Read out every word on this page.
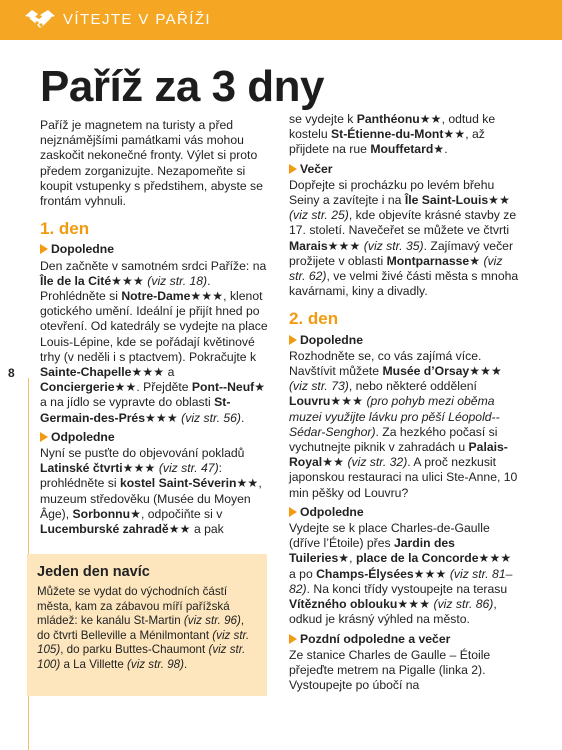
VÍTEJTE V PAŘÍŽI
Paříž za 3 dny
8

Paříž je magnetem na turisty a před nejznámějšími památkami vás mohou zaskočit nekonečné fronty. Výlet si proto předem zorganizujte. Nezapomeňte si koupit vstupenky s předstihem, abyste se frontám vyhnuli.

1. den
Dopoledne

Den začněte v samotném srdci Paříže: na Île de la Cité★★★ (viz str. 18). Prohlédněte si Notre-Dame★★★, klenot gotického umění. Ideální je přijít hned po otevření. Od katedrály se vydejte na place Louis-Lépine, kde se pořádají květinové trhy (v neděli i s ptactvem). Pokračujte k Sainte-Chapelle★★★ a Conciergerie★★. Přejděte Pont--Neuf★ a na jídlo se vypravte do oblasti St-Germain-des-Prés★★★ (viz str. 56).

Odpoledne

Nyní se pusťte do objevování pokladů Latinské čtvrti★★★ (viz str. 47): prohlédněte si kostel Saint-Séverin★★, muzeum středověku (Musée du Moyen Âge), Sorbonnu★, odpočiňte si v Lucemburské zahradě★★ a pak

se vydejte k Panthéonu★★, odtud ke kostelu St-Étienne-du-Mont★★, až přijdete na rue Mouffetard★.

Večer

Dopřejte si procházku po levém břehu Seiny a zavítejte i na Île Saint-Louis★★ (viz str. 25), kde objevíte krásné stavby ze 17. století. Navečeřet se můžete ve čtvrti Marais★★★ (viz str. 35). Zajímavý večer prožijete v oblasti Montparnasse★ (viz str. 62), ve velmi živé části města s mnoha kavárnami, kiny a divadly.

2. den
Dopoledne

Rozhodněte se, co vás zajímá více. Navštívit můžete Musée d’Orsay★★★ (viz str. 73), nebo některé oddělení Louvru★★★ (pro pohyb mezi oběma muzei využijte lávku pro pěší Léopold--Sédar-Senghor). Za hezkého počasí si vychutnejte piknik v zahradách u Palais-Royal★★ (viz str. 32). A proč nezkusit japonskou restauraci na ulici Ste-Anne, 10 min pěšky od Louvru?

Odpoledne

Vydejte se k place Charles-de-Gaulle (dříve l’Étoile) přes Jardin des Tuileries★, place de la Concorde★★★ a po Champs-Élysées★★★ (viz str. 81–82). Na konci třídy vystoupejte na terasu Vítězného oblouku★★★ (viz str. 86), odkud je krásný výhled na město.

Pozdní odpoledne a večer

Ze stanice Charles de Gaulle – Étoile přejeďte metrem na Pigalle (linka 2). Vystoupejte po úbočí na

Jeden den navíc
Můžete se vydat do východních částí města, kam za zábavou míří pařížská mládež: ke kanálu St-Martin (viz str. 96), do čtvrti Belleville a Ménilmontant (viz str. 105), do parku Buttes-Chaumont (viz str. 100) a La Villette (viz str. 98).
